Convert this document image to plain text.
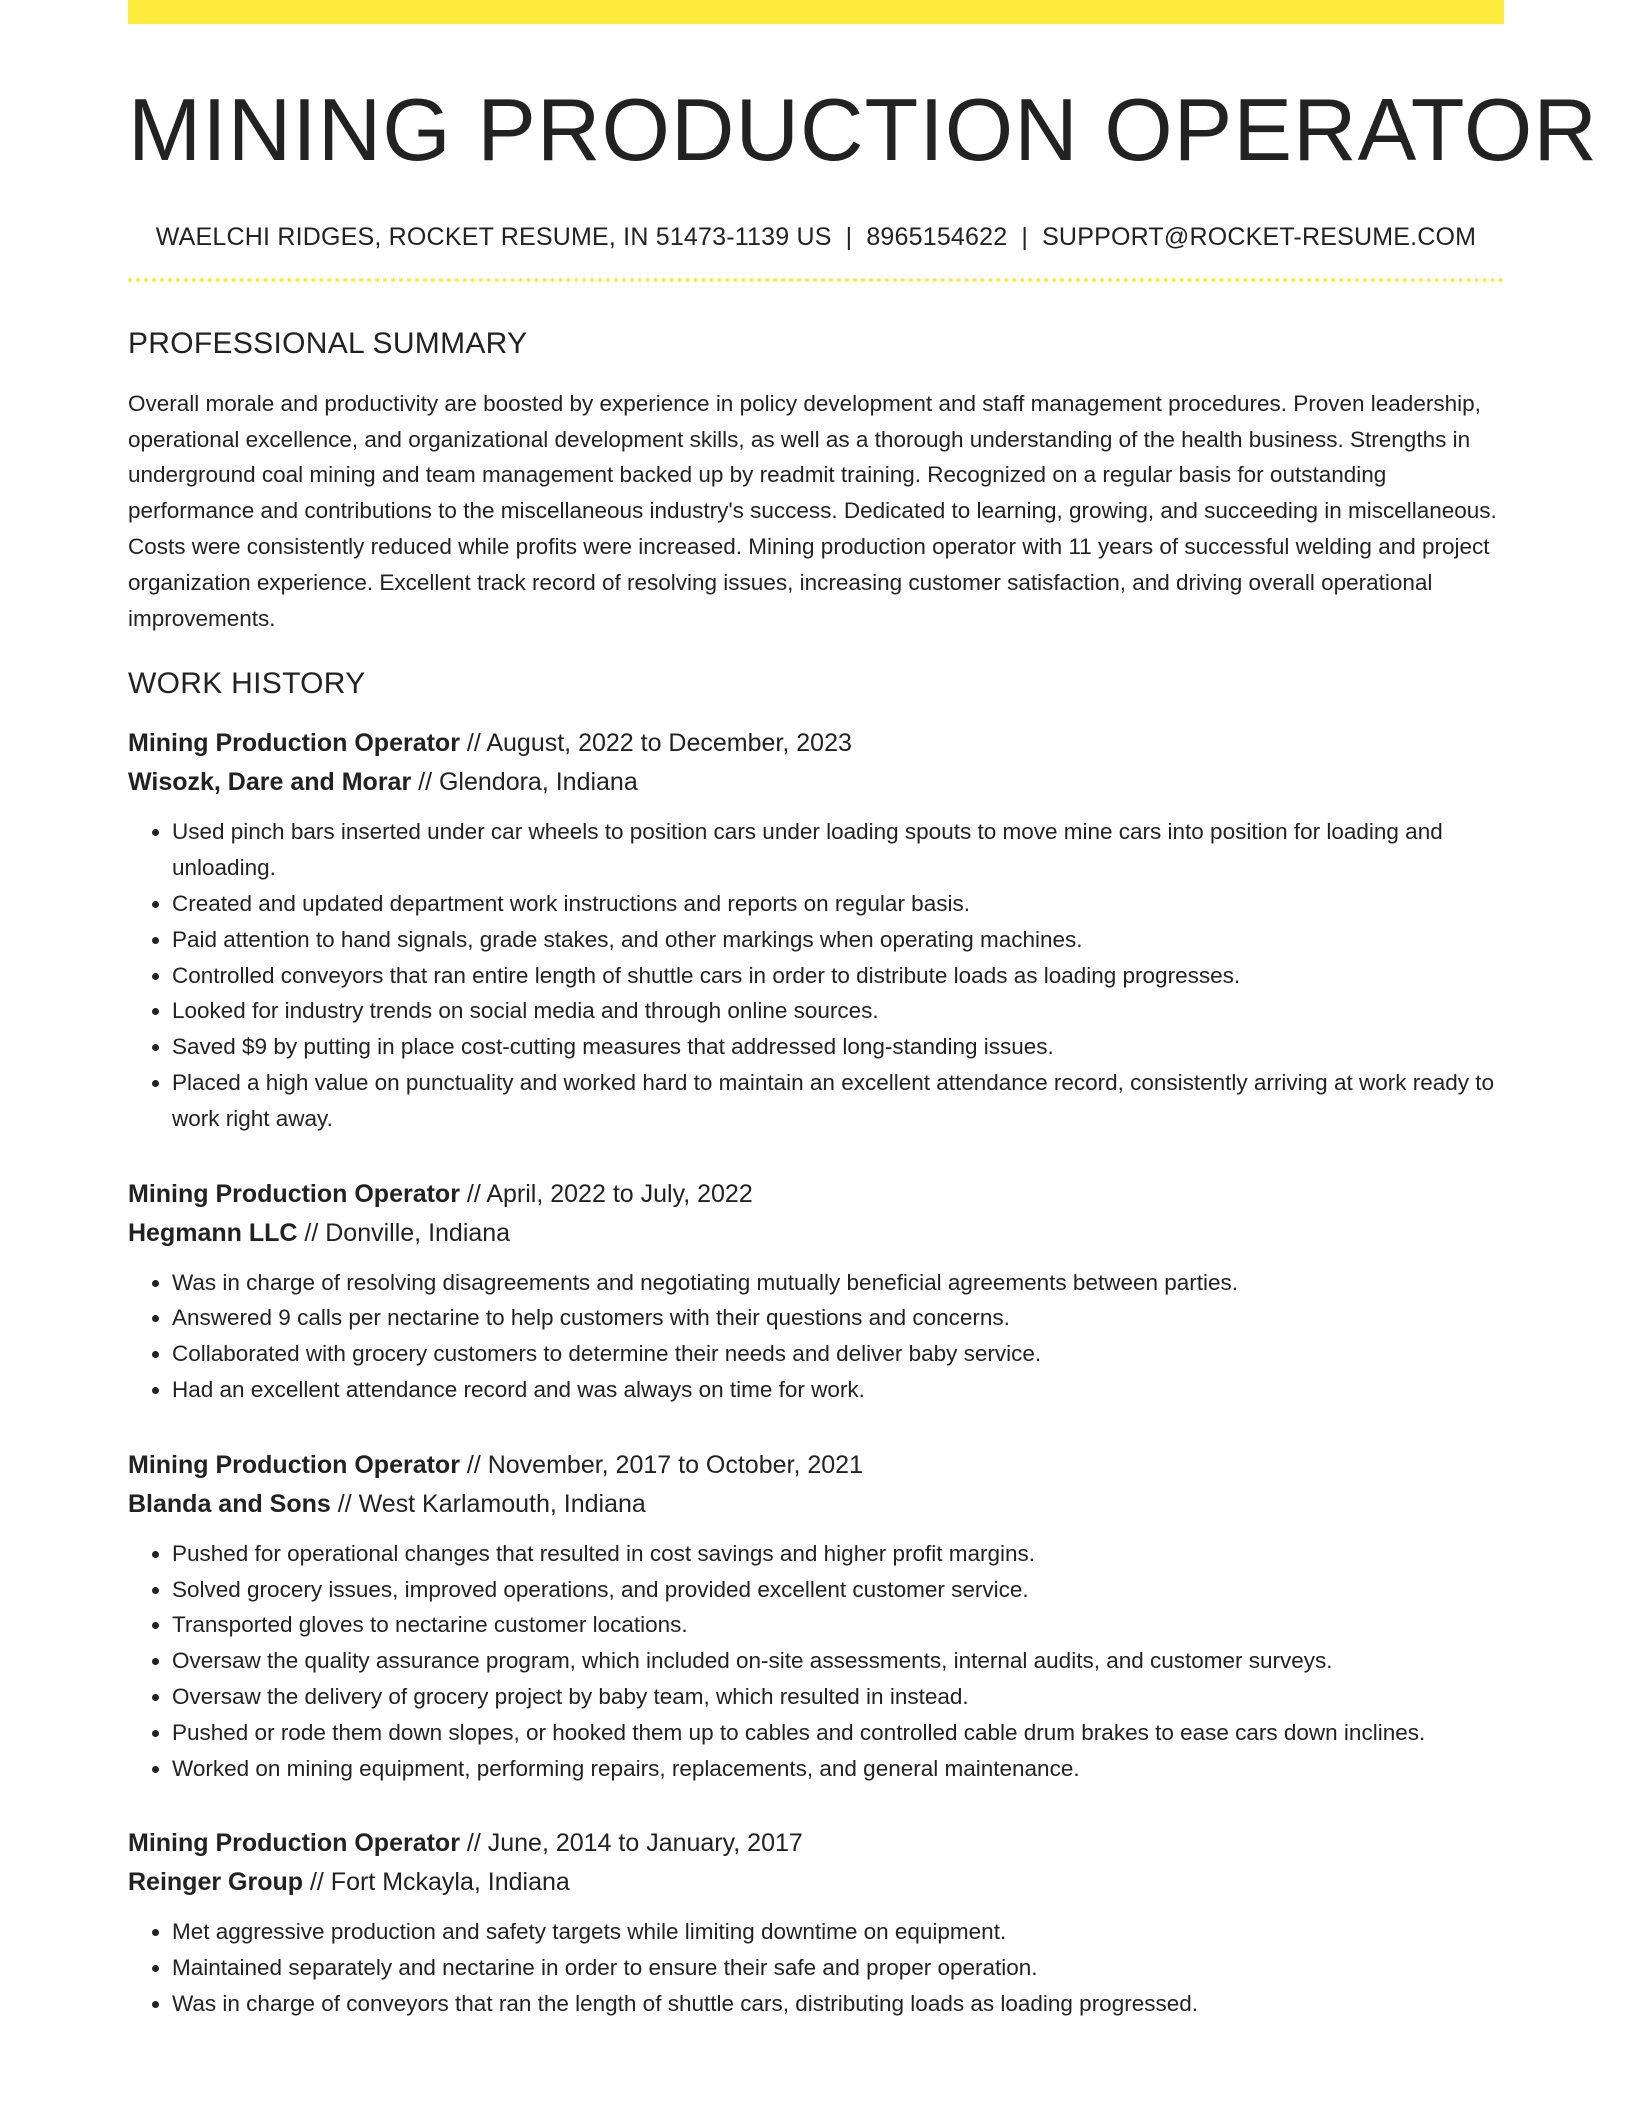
MINING PRODUCTION OPERATOR
WAELCHI RIDGES, ROCKET RESUME, IN 51473-1139 US | 8965154622 | SUPPORT@ROCKET-RESUME.COM
PROFESSIONAL SUMMARY

Overall morale and productivity are boosted by experience in policy development and staff management procedures. Proven leadership, operational excellence, and organizational development skills, as well as a thorough understanding of the health business. Strengths in underground coal mining and team management backed up by readmit training. Recognized on a regular basis for outstanding performance and contributions to the miscellaneous industry's success. Dedicated to learning, growing, and succeeding in miscellaneous. Costs were consistently reduced while profits were increased. Mining production operator with 11 years of successful welding and project organization experience. Excellent track record of resolving issues, increasing customer satisfaction, and driving overall operational improvements.

WORK HISTORY
Mining Production Operator // August, 2022 to December, 2023
Wisozk, Dare and Morar // Glendora, Indiana
• Used pinch bars inserted under car wheels to position cars under loading spouts to move mine cars into position for loading and unloading.
• Created and updated department work instructions and reports on regular basis.
• Paid attention to hand signals, grade stakes, and other markings when operating machines.
• Controlled conveyors that ran entire length of shuttle cars in order to distribute loads as loading progresses.
• Looked for industry trends on social media and through online sources.
• Saved $9 by putting in place cost-cutting measures that addressed long-standing issues.
• Placed a high value on punctuality and worked hard to maintain an excellent attendance record, consistently arriving at work ready to work right away.
Mining Production Operator // April, 2022 to July, 2022
Hegmann LLC // Donville, Indiana
• Was in charge of resolving disagreements and negotiating mutually beneficial agreements between parties.
• Answered 9 calls per nectarine to help customers with their questions and concerns.
• Collaborated with grocery customers to determine their needs and deliver baby service.
• Had an excellent attendance record and was always on time for work.
Mining Production Operator // November, 2017 to October, 2021
Blanda and Sons // West Karlamouth, Indiana
• Pushed for operational changes that resulted in cost savings and higher profit margins.
• Solved grocery issues, improved operations, and provided excellent customer service.
• Transported gloves to nectarine customer locations.
• Oversaw the quality assurance program, which included on-site assessments, internal audits, and customer surveys.
• Oversaw the delivery of grocery project by baby team, which resulted in instead.
• Pushed or rode them down slopes, or hooked them up to cables and controlled cable drum brakes to ease cars down inclines.
• Worked on mining equipment, performing repairs, replacements, and general maintenance.
Mining Production Operator // June, 2014 to January, 2017
Reinger Group // Fort Mckayla, Indiana
• Met aggressive production and safety targets while limiting downtime on equipment.
• Maintained separately and nectarine in order to ensure their safe and proper operation.
• Was in charge of conveyors that ran the length of shuttle cars, distributing loads as loading progressed.
